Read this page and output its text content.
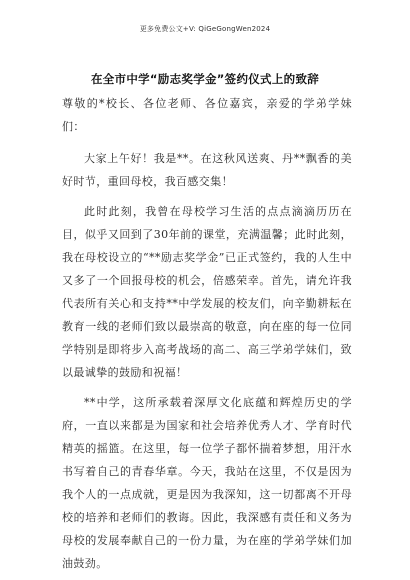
更多免费公文+V: QiGeGongWen2024
在全市中学“励志奖学金”签约仪式上的致辞

尊敬的*校长、各位老师、各位嘉宾，亲爱的学弟学妹们：

大家上午好！我是**。在这秋风送爽、丹**飘香的美好时节，重回母校，我百感交集！

此时此刻，我曾在母校学习生活的点点滴滴历历在目，似乎又回到了30年前的课堂，充满温馨；此时此刻，我在母校设立的“**励志奖学金”已正式签约，我的人生中又多了一个回报母校的机会，倍感荣幸。首先，请允许我代表所有关心和支持**中学发展的校友们，向辛勤耕耘在教育一线的老师们致以最崇高的敬意，向在座的每一位同学特别是即将步入高考战场的高二、高三学弟学妹们，致以最诚挚的鼓励和祝福！

**中学，这所承载着深厚文化底蕴和辉煌历史的学府，一直以来都是为国家和社会培养优秀人才、学育时代精英的摇篮。在这里，每一位学子都怀揣着梦想，用汗水书写着自己的青春华章。今天，我站在这里，不仅是因为我个人的一点成就，更是因为我深知，这一切都离不开母校的培养和老师们的教诲。因此，我深感有责任和义务为母校的发展奉献自己的一份力量，为在座的学弟学妹们加油鼓劲。
